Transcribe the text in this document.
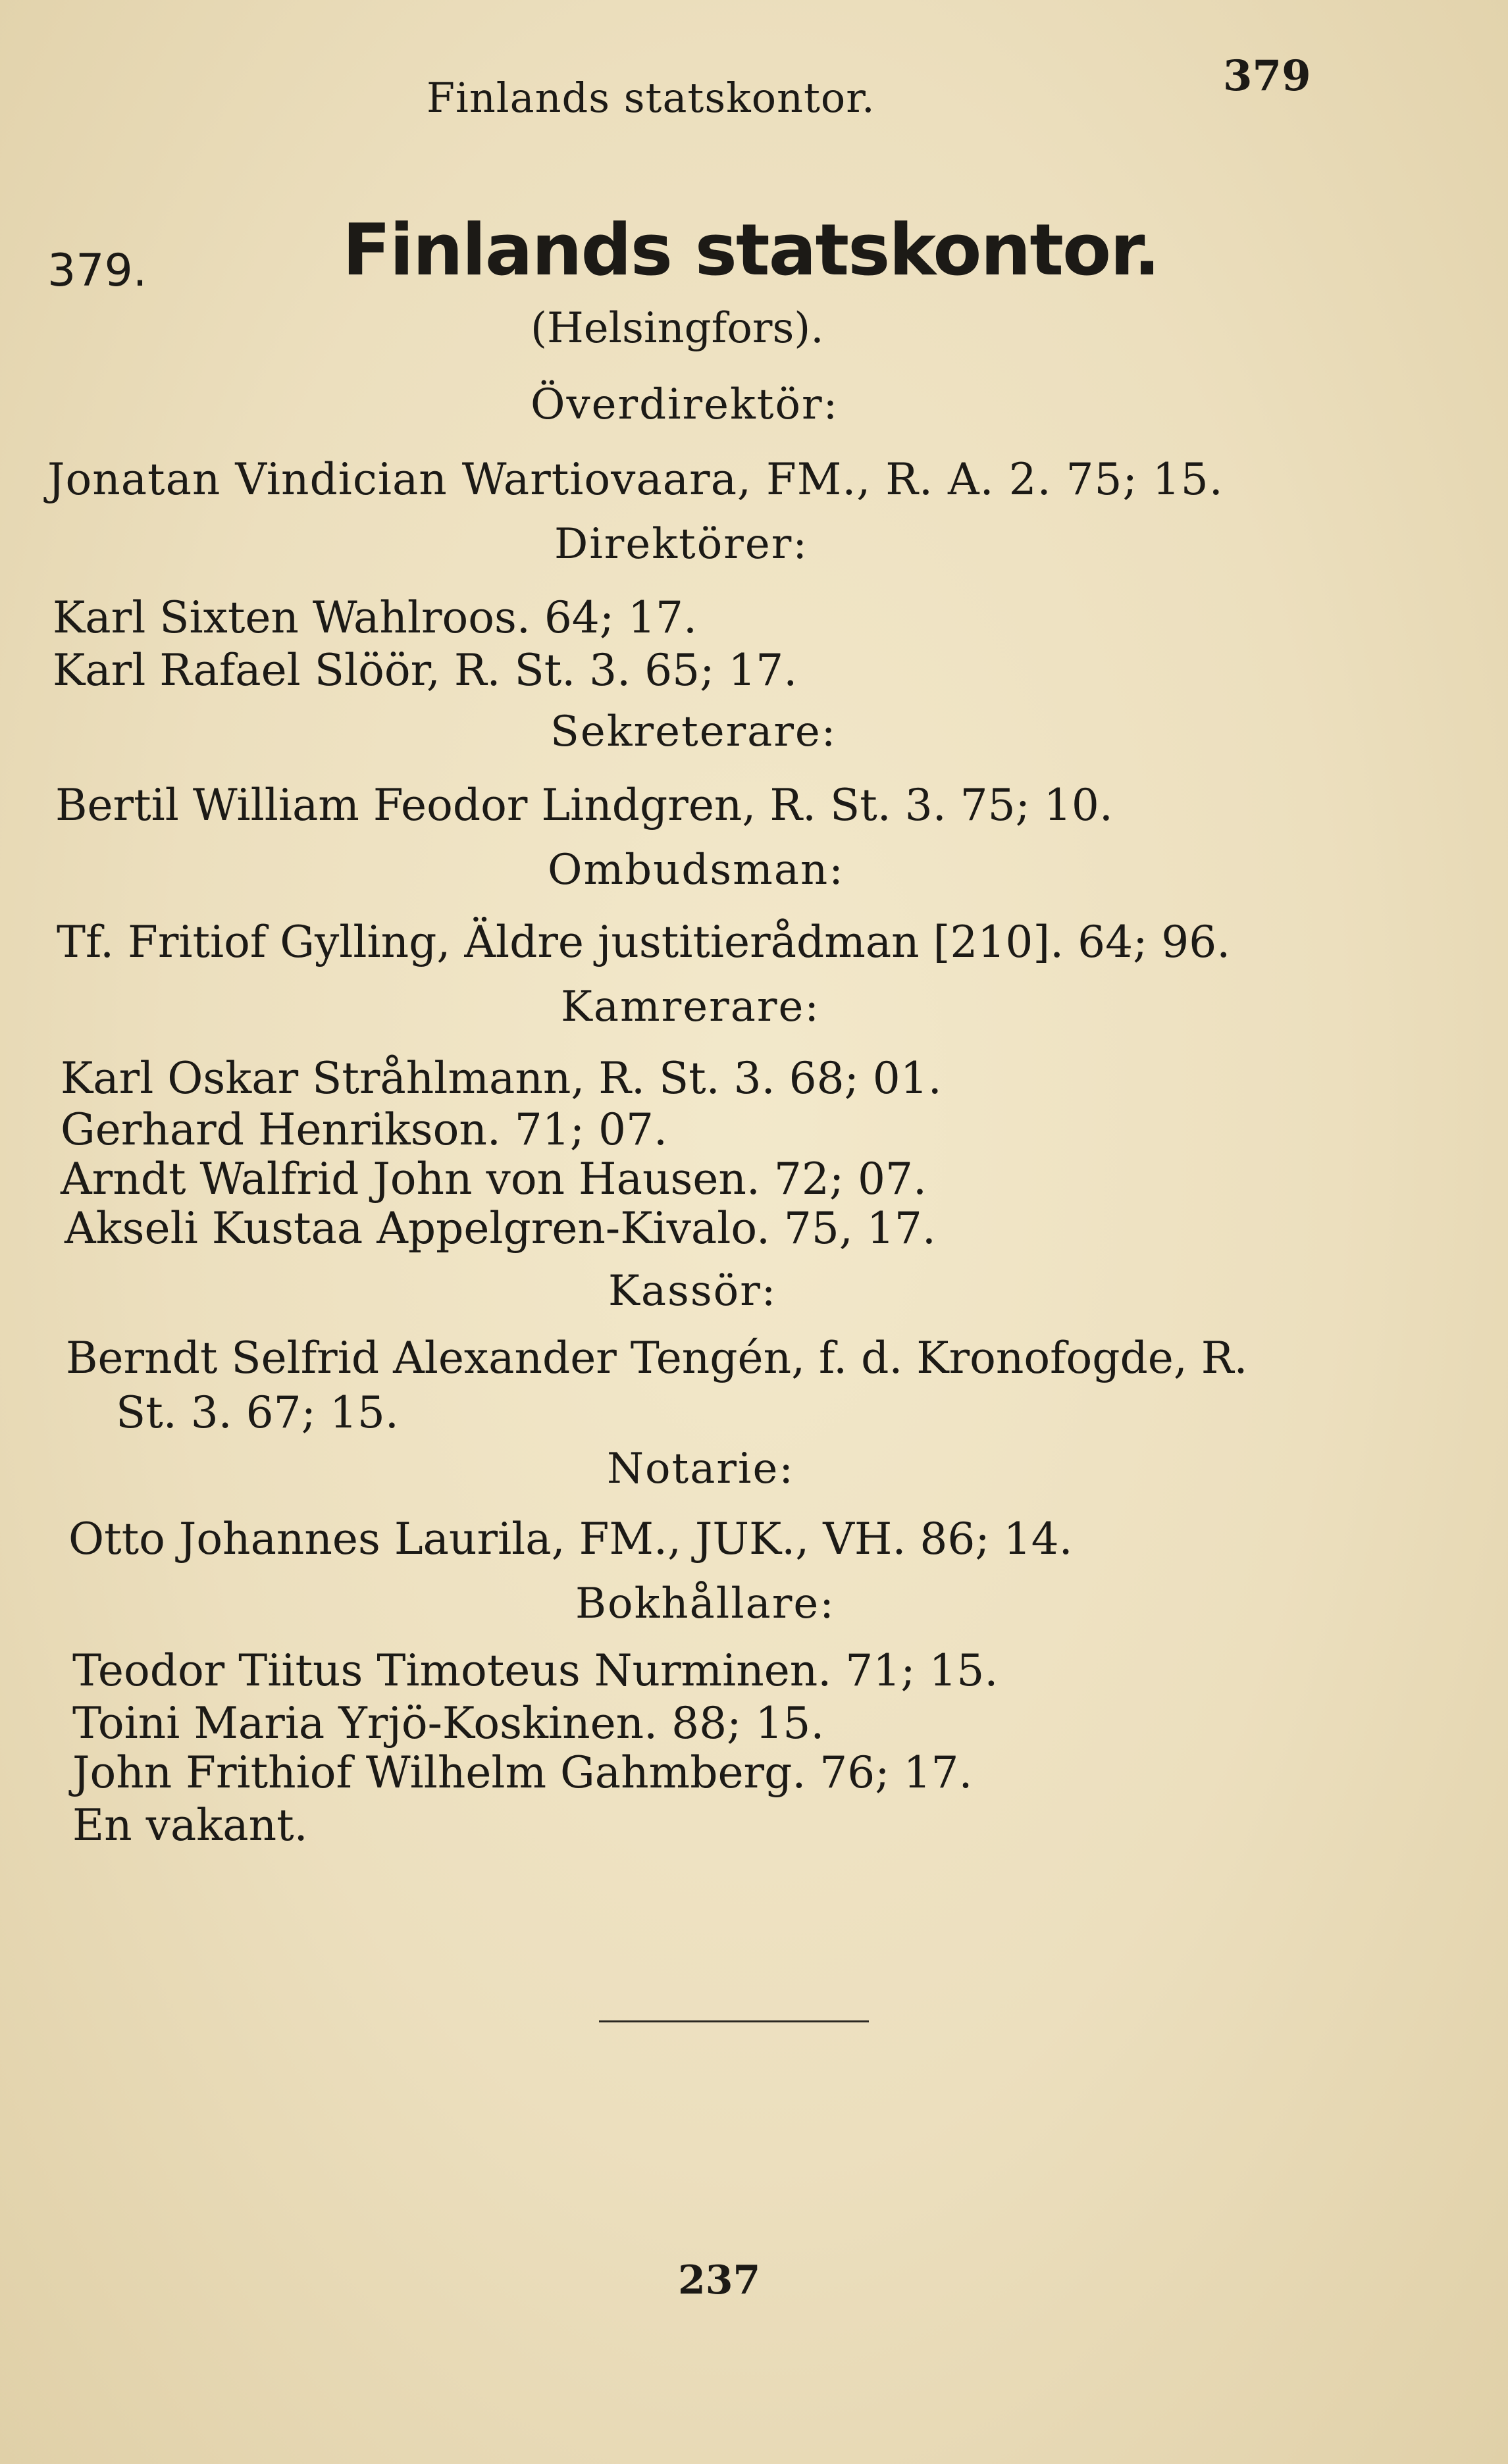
Finlands statskontor.	379
379.	Finlands statskontor.
(Helsingfors).
Överdirektör:
Jonatan Vindician Wartiovaara, FM., R. A. 2. 75; 15.
Direktörer:
Karl Sixten Wahlroos. 64; 17.
Karl Rafael Slöör, R. St. 3. 65; 17.
Sekreterare:
Bertil William Feodor Lindgren, R. St. 3. 75; 10.
Ombudsman:
Tf. Fritiof Gylling, Äldre justitierådman [210]. 64; 96.
Kamrerare:
Karl Oskar Stråhlmann, R. St. 3. 68; 01.
Gerhard Henrikson. 71; 07.
Arndt Walfrid John von Hausen. 72; 07.
Akseli Kustaa Appelgren-Kivalo. 75, 17.
Kassör:
Berndt Selfrid Alexander Tengén, f. d. Kronofogde, R.
St. 3. 67; 15.
Notarie:
Otto Johannes Laurila, FM., JUK., VH. 86; 14.
Bokhållare:
Teodor Tiitus Timoteus Nurminen. 71; 15.
Toini Maria Yrjö-Koskinen. 88; 15.
John Frithiof Wilhelm Gahmberg. 76; 17.
En vakant.
237
